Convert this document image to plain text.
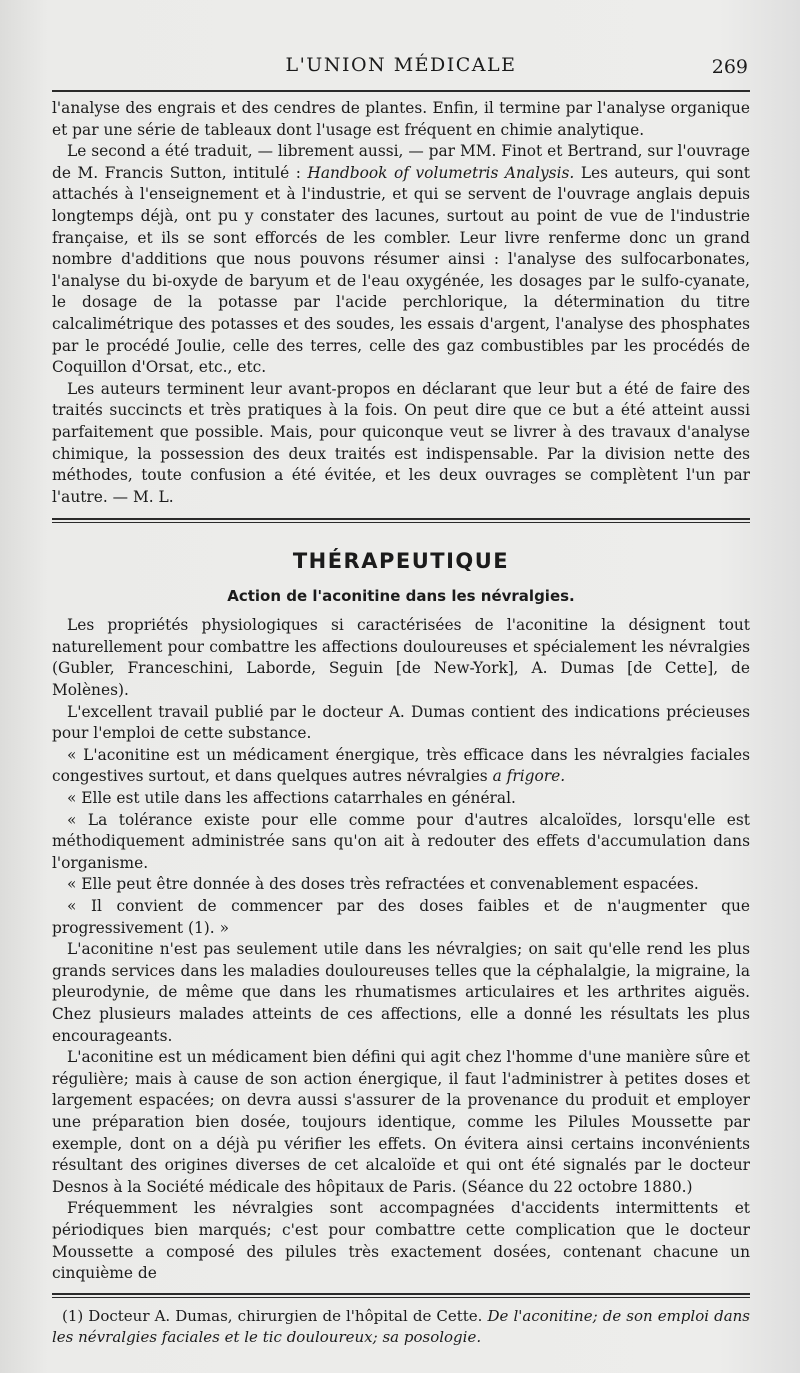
L'UNION MÉDICALE	269

l'analyse des engrais et des cendres de plantes. Enfin, il termine par l'analyse organique et par une série de tableaux dont l'usage est fréquent en chimie analytique.

Le second a été traduit, — librement aussi, — par MM. Finot et Bertrand, sur l'ouvrage de M. Francis Sutton, intitulé : Handbook of volumetris Analysis. Les auteurs, qui sont attachés à l'enseignement et à l'industrie, et qui se servent de l'ouvrage anglais depuis longtemps déjà, ont pu y constater des lacunes, surtout au point de vue de l'industrie française, et ils se sont efforcés de les combler. Leur livre renferme donc un grand nombre d'additions que nous pouvons résumer ainsi : l'analyse des sulfocarbonates, l'analyse du bi-oxyde de baryum et de l'eau oxygénée, les dosages par le sulfo-cyanate, le dosage de la potasse par l'acide perchlorique, la détermination du titre calcalimétrique des potasses et des soudes, les essais d'argent, l'analyse des phosphates par le procédé Joulie, celle des terres, celle des gaz combustibles par les procédés de Coquillon d'Orsat, etc., etc.

Les auteurs terminent leur avant-propos en déclarant que leur but a été de faire des traités succincts et très pratiques à la fois. On peut dire que ce but a été atteint aussi parfaitement que possible. Mais, pour quiconque veut se livrer à des travaux d'analyse chimique, la possession des deux traités est indispensable. Par la division nette des méthodes, toute confusion a été évitée, et les deux ouvrages se complètent l'un par l'autre. — M. L.

THÉRAPEUTIQUE
Action de l'aconitine dans les névralgies.

Les propriétés physiologiques si caractérisées de l'aconitine la désignent tout naturellement pour combattre les affections douloureuses et spécialement les névralgies (Gubler, Franceschini, Laborde, Seguin [de New-York], A. Dumas [de Cette], de Molènes).

L'excellent travail publié par le docteur A. Dumas contient des indications précieuses pour l'emploi de cette substance.

« L'aconitine est un médicament énergique, très efficace dans les névralgies faciales congestives surtout, et dans quelques autres névralgies a frigore.

« Elle est utile dans les affections catarrhales en général.

« La tolérance existe pour elle comme pour d'autres alcaloïdes, lorsqu'elle est méthodiquement administrée sans qu'on ait à redouter des effets d'accumulation dans l'organisme.

« Elle peut être donnée à des doses très refractées et convenablement espacées.

« Il convient de commencer par des doses faibles et de n'augmenter que progressivement (1). »

L'aconitine n'est pas seulement utile dans les névralgies; on sait qu'elle rend les plus grands services dans les maladies douloureuses telles que la céphalalgie, la migraine, la pleurodynie, de même que dans les rhumatismes articulaires et les arthrites aiguës. Chez plusieurs malades atteints de ces affections, elle a donné les résultats les plus encourageants.

L'aconitine est un médicament bien défini qui agit chez l'homme d'une manière sûre et régulière; mais à cause de son action énergique, il faut l'administrer à petites doses et largement espacées; on devra aussi s'assurer de la provenance du produit et employer une préparation bien dosée, toujours identique, comme les Pilules Moussette par exemple, dont on a déjà pu vérifier les effets. On évitera ainsi certains inconvénients résultant des origines diverses de cet alcaloïde et qui ont été signalés par le docteur Desnos à la Société médicale des hôpitaux de Paris. (Séance du 22 octobre 1880.)

Fréquemment les névralgies sont accompagnées d'accidents intermittents et périodiques bien marqués; c'est pour combattre cette complication que le docteur Moussette a composé des pilules très exactement dosées, contenant chacune un cinquième de

(1) Docteur A. Dumas, chirurgien de l'hôpital de Cette. De l'aconitine; de son emploi dans les névralgies faciales et le tic douloureux; sa posologie.
